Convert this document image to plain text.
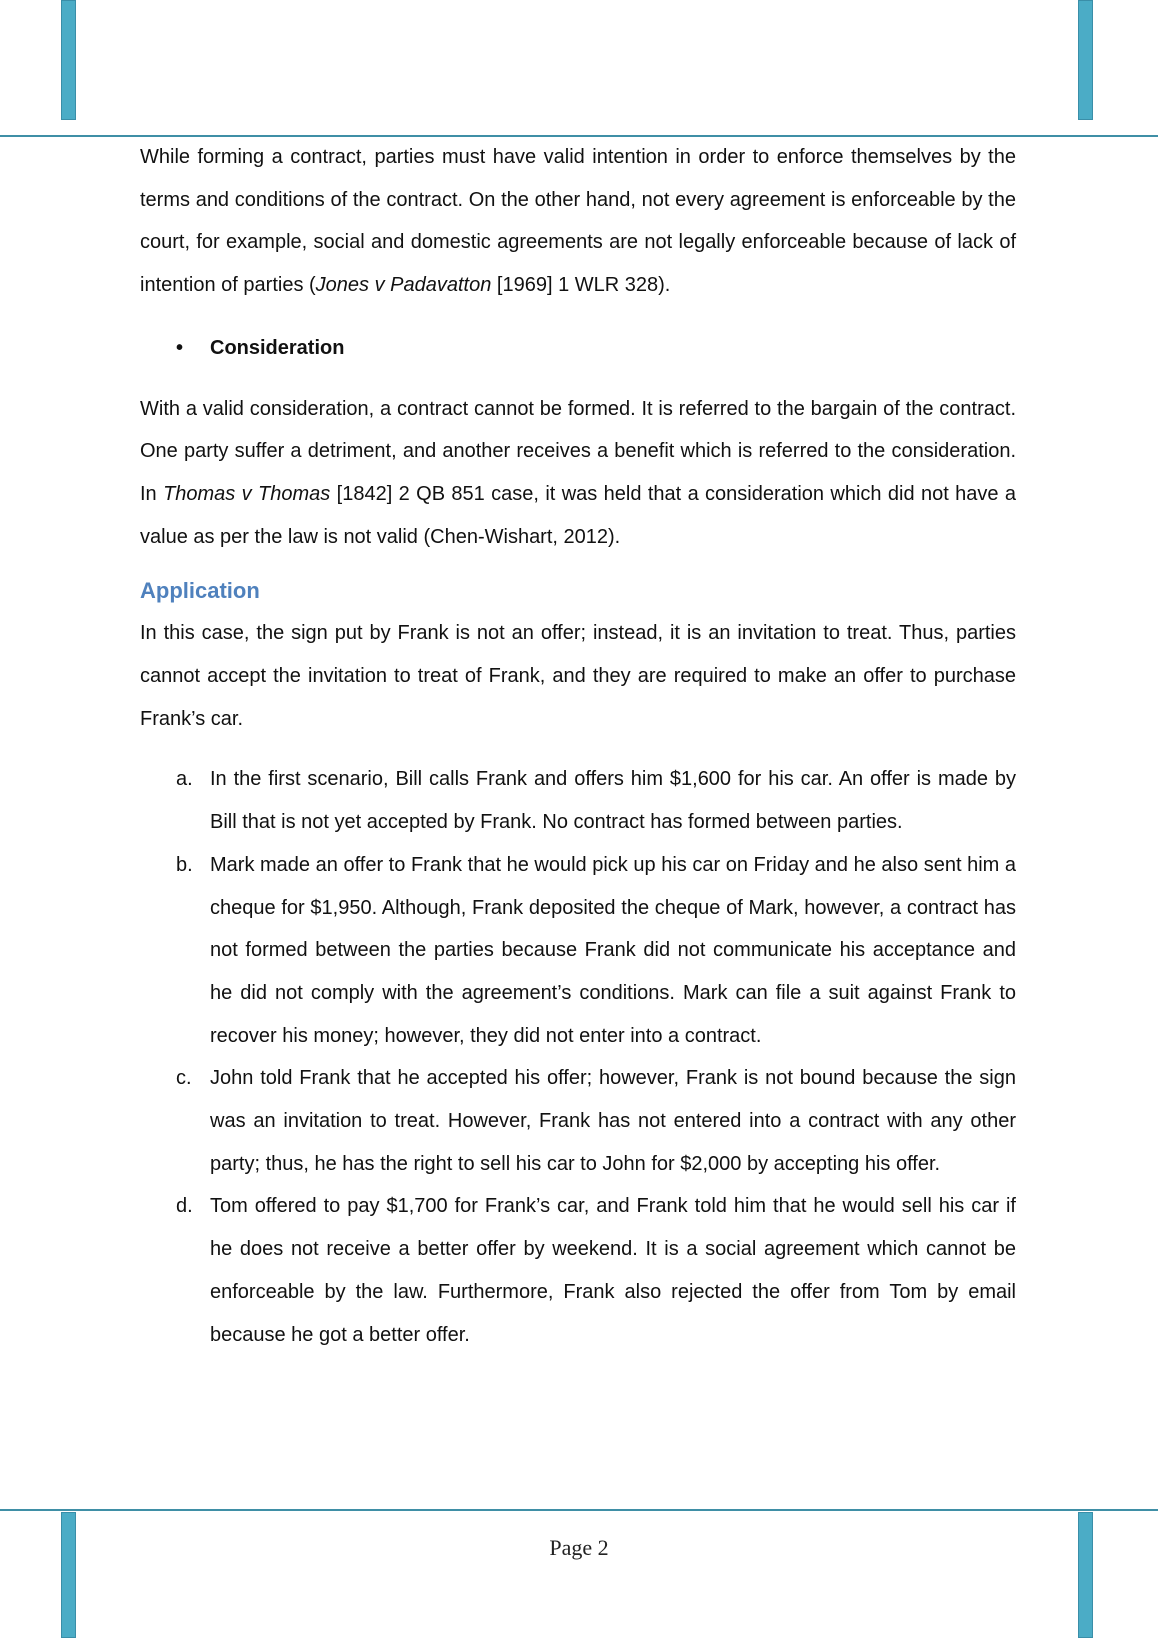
While forming a contract, parties must have valid intention in order to enforce themselves by the terms and conditions of the contract. On the other hand, not every agreement is enforceable by the court, for example, social and domestic agreements are not legally enforceable because of lack of intention of parties (Jones v Padavatton [1969] 1 WLR 328).

•	Consideration

With a valid consideration, a contract cannot be formed. It is referred to the bargain of the contract. One party suffer a detriment, and another receives a benefit which is referred to the consideration. In Thomas v Thomas [1842] 2 QB 851 case, it was held that a consideration which did not have a value as per the law is not valid (Chen-Wishart, 2012).

Application

In this case, the sign put by Frank is not an offer; instead, it is an invitation to treat. Thus, parties cannot accept the invitation to treat of Frank, and they are required to make an offer to purchase Frank’s car.

a. In the first scenario, Bill calls Frank and offers him $1,600 for his car. An offer is made by Bill that is not yet accepted by Frank. No contract has formed between parties.
b. Mark made an offer to Frank that he would pick up his car on Friday and he also sent him a cheque for $1,950. Although, Frank deposited the cheque of Mark, however, a contract has not formed between the parties because Frank did not communicate his acceptance and he did not comply with the agreement’s conditions. Mark can file a suit against Frank to recover his money; however, they did not enter into a contract.
c. John told Frank that he accepted his offer; however, Frank is not bound because the sign was an invitation to treat. However, Frank has not entered into a contract with any other party; thus, he has the right to sell his car to John for $2,000 by accepting his offer.
d. Tom offered to pay $1,700 for Frank’s car, and Frank told him that he would sell his car if he does not receive a better offer by weekend. It is a social agreement which cannot be enforceable by the law. Furthermore, Frank also rejected the offer from Tom by email because he got a better offer.
Page 2
